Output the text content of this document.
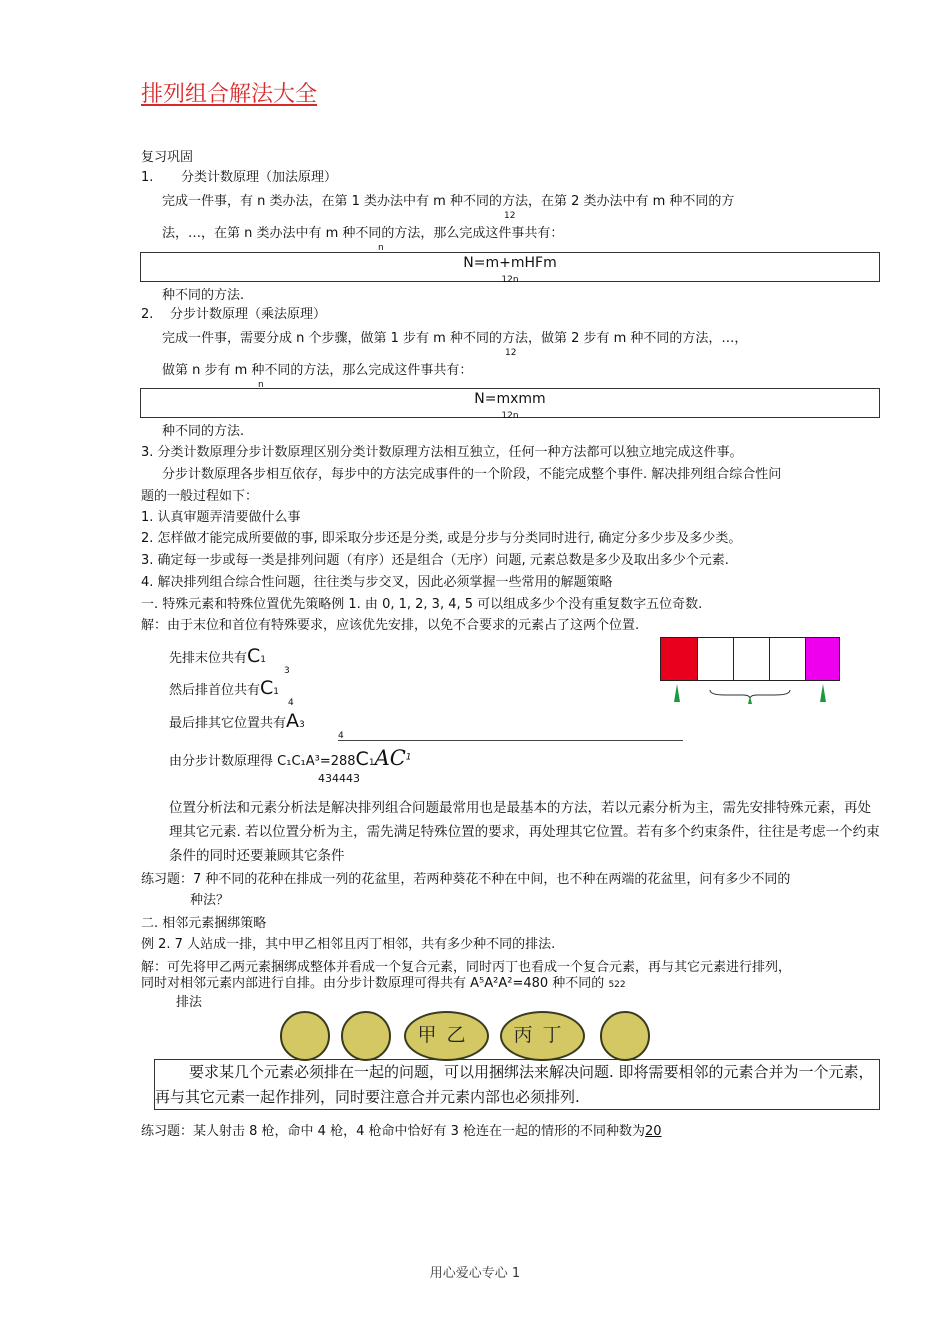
排列组合解法大全
复习巩固
1. 分类计数原理（加法原理）
完成一件事，有 n 类办法，在第 1 类办法中有 m 种不同的方法，在第 2 类办法中有 m 种不同的方
12
法，…，在第 n 类办法中有 m 种不同的方法，那么完成这件事共有：
n
N=m+mHFm
12n
种不同的方法.
2. 分步计数原理（乘法原理）
完成一件事，需要分成 n 个步骤，做第 1 步有 m 种不同的方法，做第 2 步有 m 种不同的方法，…，
12
做第 n 步有 m 种不同的方法，那么完成这件事共有：
n
N=mxmm
12n
种不同的方法.
3. 分类计数原理分步计数原理区别分类计数原理方法相互独立，任何一种方法都可以独立地完成这件事。
分步计数原理各步相互依存，每步中的方法完成事件的一个阶段，不能完成整个事件. 解决排列组合综合性问
题的一般过程如下：
1. 认真审题弄清要做什么事
2. 怎样做才能完成所要做的事, 即采取分步还是分类, 或是分步与分类同时进行, 确定分多少步及多少类。
3. 确定每一步或每一类是排列问题（有序）还是组合（无序）问题, 元素总数是多少及取出多少个元素.
4. 解决排列组合综合性问题，往往类与步交叉，因此必须掌握一些常用的解题策略
一. 特殊元素和特殊位置优先策略例 1. 由 0, 1, 2, 3, 4, 5 可以组成多少个没有重复数字五位奇数.
解：由于末位和首位有特殊要求，应该优先安排，以免不合要求的元素占了这两个位置.
先排末位共有C1
3
然后排首位共有C1
4
最后排其它位置共有A3
4
由分步计数原理得 $C_1C_1A^3=288C1AC^1$
434443
位置分析法和元素分析法是解决排列组合问题最常用也是最基本的方法，若以元素分析为主，需先安排特殊元素，再处理其它元素. 若以位置分析为主，需先满足特殊位置的要求，再处理其它位置。若有多个约束条件，往往是考虑一个约束条件的同时还要兼顾其它条件
练习题：7 种不同的花种在排成一列的花盆里，若两种葵花不种在中间，也不种在两端的花盆里，问有多少不同的
种法？
二. 相邻元素捆绑策略
例 2. 7 人站成一排，其中甲乙相邻且丙丁相邻，共有多少种不同的排法.
解：可先将甲乙两元素捆绑成整体并看成一个复合元素，同时丙丁也看成一个复合元素，再与其它元素进行排列，
同时对相邻元素内部进行自排。由分步计数原理可得共有 A⁵A²A²=480 种不同的 522
排法
甲乙	丙丁
要求某几个元素必须排在一起的问题，可以用捆绑法来解决问题. 即将需要相邻的元素合并为一个元素，再与其它元素一起作排列，同时要注意合并元素内部也必须排列.
练习题：某人射击 8 枪，命中 4 枪，4 枪命中恰好有 3 枪连在一起的情形的不同种数为20
用心爱心专心 1
